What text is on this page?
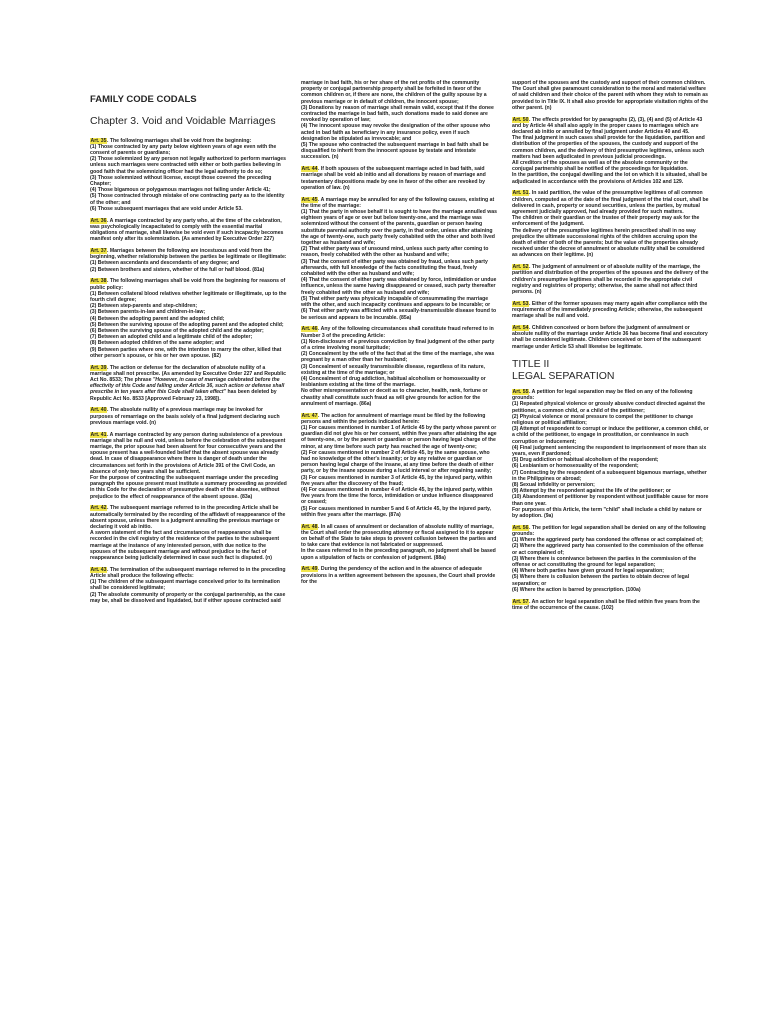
FAMILY CODE CODALS
Chapter 3. Void and Voidable Marriages
Art. 35. The following marriages shall be void from the beginning:
(1) Those contracted by any party below eighteen years of age even with the consent of parents or guardians;
(2) Those solemnized by any person not legally authorized to perform marriages unless such marriages were contracted with either or both parties believing in good faith that the solemnizing officer had the legal authority to do so;
(3) Those solemnized without license, except those covered the preceding Chapter;
(4) Those bigamous or polygamous marriages not failing under Article 41;
(5) Those contracted through mistake of one contracting party as to the identity of the other; and
(6) Those subsequent marriages that are void under Article 53.
Art. 36. A marriage contracted by any party who, at the time of the celebration, was psychologically incapacitated to comply with the essential marital obligations of marriage, shall likewise be void even if such incapacity becomes manifest only after its solemnization. (As amended by Executive Order 227)
Art. 37. Marriages between the following are incestuous and void from the beginning, whether relationship between the parties be legitimate or illegitimate:
(1) Between ascendants and descendants of any degree; and
(2) Between brothers and sisters, whether of the full or half blood. (81a)
Art. 38. The following marriages shall be void from the beginning for reasons of public policy:
(1) Between collateral blood relatives whether legitimate or illegitimate, up to the fourth civil degree;
(2) Between step-parents and step-children;
(3) Between parents-in-law and children-in-law;
(4) Between the adopting parent and the adopted child;
(5) Between the surviving spouse of the adopting parent and the adopted child;
(6) Between the surviving spouse of the adopted child and the adopter;
(7) Between an adopted child and a legitimate child of the adopter;
(8) Between adopted children of the same adopter; and
(9) Between parties where one, with the intention to marry the other, killed that other person's spouse, or his or her own spouse. (82)
Art. 39. The action or defense for the declaration of absolute nullity of a marriage shall not prescribe. (As amended by Executive Order 227 and Republic Act No. 8533; The phrase "However, in case of marriage celebrated before the effectivity of this Code and falling under Article 36, such action or defense shall prescribe in ten years after this Code shall taken effect" has been deleted by Republic Act No. 8533 [Approved February 23, 1998]).
Art. 40. The absolute nullity of a previous marriage may be invoked for purposes of remarriage on the basis solely of a final judgment declaring such previous marriage void. (n)
Art. 41. A marriage contracted by any person during subsistence of a previous marriage shall be null and void, unless before the celebration of the subsequent marriage, the prior spouse had been absent for four consecutive years and the spouse present has a well-founded belief that the absent spouse was already dead. In case of disappearance where there is danger of death under the circumstances set forth in the provisions of Article 391 of the Civil Code, an absence of only two years shall be sufficient.
For the purpose of contracting the subsequent marriage under the preceding paragraph the spouse present must institute a summary proceeding as provided in this Code for the declaration of presumptive death of the absentee, without prejudice to the effect of reappearance of the absent spouse. (83a)
Art. 42. The subsequent marriage referred to in the preceding Article shall be automatically terminated by the recording of the affidavit of reappearance of the absent spouse, unless there is a judgment annulling the previous marriage or declaring it void ab initio.
A sworn statement of the fact and circumstances of reappearance shall be recorded in the civil registry of the residence of the parties to the subsequent marriage at the instance of any interested person, with due notice to the spouses of the subsequent marriage and without prejudice to the fact of reappearance being judicially determined in case such fact is disputed. (n)
Art. 43. The termination of the subsequent marriage referred to in the preceding Article shall produce the following effects:
(1) The children of the subsequent marriage conceived prior to its termination shall be considered legitimate;
(2) The absolute community of property or the conjugal partnership, as the case may be, shall be dissolved and liquidated, but if either spouse contracted said
marriage in bad faith, his or her share of the net profits of the community property or conjugal partnership property shall be forfeited in favor of the common children or, if there are none, the children of the guilty spouse by a previous marriage or in default of children, the innocent spouse;
(3) Donations by reason of marriage shall remain valid, except that if the donee contracted the marriage in bad faith, such donations made to said donee are revoked by operation of law;
(4) The innocent spouse may revoke the designation of the other spouse who acted in bad faith as beneficiary in any insurance policy, even if such designation be stipulated as irrevocable; and
(5) The spouse who contracted the subsequent marriage in bad faith shall be disqualified to inherit from the innocent spouse by testate and intestate succession. (n)
Art. 44. If both spouses of the subsequent marriage acted in bad faith, said marriage shall be void ab initio and all donations by reason of marriage and testamentary dispositions made by one in favor of the other are revoked by operation of law. (n)
Art. 45. A marriage may be annulled for any of the following causes, existing at the time of the marriage:
(1) That the party in whose behalf it is sought to have the marriage annulled was eighteen years of age or over but below twenty-one, and the marriage was solemnized without the consent of the parents, guardian or person having substitute parental authority over the party, in that order, unless after attaining the age of twenty-one, such party freely cohabited with the other and both lived together as husband and wife;
(2) That either party was of unsound mind, unless such party after coming to reason, freely cohabited with the other as husband and wife;
(3) That the consent of either party was obtained by fraud, unless such party afterwards, with full knowledge of the facts constituting the fraud, freely cohabited with the other as husband and wife;
(4) That the consent of either party was obtained by force, intimidation or undue influence, unless the same having disappeared or ceased, such party thereafter freely cohabited with the other as husband and wife;
(5) That either party was physically incapable of consummating the marriage with the other, and such incapacity continues and appears to be incurable; or
(6) That either party was afflicted with a sexually-transmissible disease found to be serious and appears to be incurable. (85a)
Art. 46. Any of the following circumstances shall constitute fraud referred to in Number 3 of the preceding Article:
(1) Non-disclosure of a previous conviction by final judgment of the other party of a crime involving moral turpitude;
(2) Concealment by the wife of the fact that at the time of the marriage, she was pregnant by a man other than her husband;
(3) Concealment of sexually transmissible disease, regardless of its nature, existing at the time of the marriage; or
(4) Concealment of drug addiction, habitual alcoholism or homosexuality or lesbianism existing at the time of the marriage.
No other misrepresentation or deceit as to character, health, rank, fortune or chastity shall constitute such fraud as will give grounds for action for the annulment of marriage. (86a)
Art. 47. The action for annulment of marriage must be filed by the following persons and within the periods indicated herein:
(1) For causes mentioned in number 1 of Article 45 by the party whose parent or guardian did not give his or her consent, within five years after attaining the age of twenty-one, or by the parent or guardian or person having legal charge of the minor, at any time before such party has reached the age of twenty-one;
(2) For causes mentioned in number 2 of Article 45, by the same spouse, who had no knowledge of the other's insanity; or by any relative or guardian or person having legal charge of the insane, at any time before the death of either party, or by the insane spouse during a lucid interval or after regaining sanity;
(3) For causes mentioned in number 3 of Article 45, by the injured party, within five years after the discovery of the fraud;
(4) For causes mentioned in number 4 of Article 45, by the injured party, within five years from the time the force, intimidation or undue influence disappeared or ceased;
(5) For causes mentioned in number 5 and 6 of Article 45, by the injured party, within five years after the marriage. (87a)
Art. 48. In all cases of annulment or declaration of absolute nullity of marriage, the Court shall order the prosecuting attorney or fiscal assigned to it to appear on behalf of the State to take steps to prevent collusion between the parties and to take care that evidence is not fabricated or suppressed.
In the cases referred to in the preceding paragraph, no judgment shall be based upon a stipulation of facts or confession of judgment. (88a)
Art. 49. During the pendency of the action and in the absence of adequate provisions in a written agreement between the spouses, the Court shall provide for the
support of the spouses and the custody and support of their common children. The Court shall give paramount consideration to the moral and material welfare of said children and their choice of the parent with whom they wish to remain as provided to in Title IX. It shall also provide for appropriate visitation rights of the other parent. (n)
Art. 50. The effects provided for by paragraphs (2), (3), (4) and (5) of Article 43 and by Article 44 shall also apply in the proper cases to marriages which are declared ab initio or annulled by final judgment under Articles 40 and 45.
The final judgment in such cases shall provide for the liquidation, partition and distribution of the properties of the spouses, the custody and support of the common children, and the delivery of third presumptive legitimes, unless such matters had been adjudicated in previous judicial proceedings.
All creditors of the spouses as well as of the absolute community or the conjugal partnership shall be notified of the proceedings for liquidation.
In the partition, the conjugal dwelling and the lot on which it is situated, shall be adjudicated in accordance with the provisions of Articles 102 and 129.
Art. 51. In said partition, the value of the presumptive legitimes of all common children, computed as of the date of the final judgment of the trial court, shall be delivered in cash, property or sound securities, unless the parties, by mutual agreement judicially approved, had already provided for such matters.
The children or their guardian or the trustee of their property may ask for the enforcement of the judgment.
The delivery of the presumptive legitimes herein prescribed shall in no way prejudice the ultimate successional rights of the children accruing upon the death of either of both of the parents; but the value of the properties already received under the decree of annulment or absolute nullity shall be considered as advances on their legitime. (n)
Art. 52. The judgment of annulment or of absolute nullity of the marriage, the partition and distribution of the properties of the spouses and the delivery of the children's presumptive legitimes shall be recorded in the appropriate civil registry and registries of property; otherwise, the same shall not affect third persons. (n)
Art. 53. Either of the former spouses may marry again after compliance with the requirements of the immediately preceding Article; otherwise, the subsequent marriage shall be null and void.
Art. 54. Children conceived or born before the judgment of annulment or absolute nullity of the marriage under Article 36 has become final and executory shall be considered legitimate. Children conceived or born of the subsequent marriage under Article 53 shall likewise be legitimate.
TITLE II
LEGAL SEPARATION
Art. 55. A petition for legal separation may be filed on any of the following grounds:
(1) Repeated physical violence or grossly abusive conduct directed against the petitioner, a common child, or a child of the petitioner;
(2) Physical violence or moral pressure to compel the petitioner to change religious or political affiliation;
(3) Attempt of respondent to corrupt or induce the petitioner, a common child, or a child of the petitioner, to engage in prostitution, or connivance in such corruption or inducement;
(4) Final judgment sentencing the respondent to imprisonment of more than six years, even if pardoned;
(5) Drug addiction or habitual alcoholism of the respondent;
(6) Lesbianism or homosexuality of the respondent;
(7) Contracting by the respondent of a subsequent bigamous marriage, whether in the Philippines or abroad;
(8) Sexual infidelity or perversion;
(9) Attempt by the respondent against the life of the petitioner; or
(10) Abandonment of petitioner by respondent without justifiable cause for more than one year.
For purposes of this Article, the term "child" shall include a child by nature or by adoption. (9a)
Art. 56. The petition for legal separation shall be denied on any of the following grounds:
(1) Where the aggrieved party has condoned the offense or act complained of;
(2) Where the aggrieved party has consented to the commission of the offense or act complained of;
(3) Where there is connivance between the parties in the commission of the offense or act constituting the ground for legal separation;
(4) Where both parties have given ground for legal separation;
(5) Where there is collusion between the parties to obtain decree of legal separation; or
(6) Where the action is barred by prescription. (100a)
Art. 57. An action for legal separation shall be filed within five years from the time of the occurrence of the cause. (102)
